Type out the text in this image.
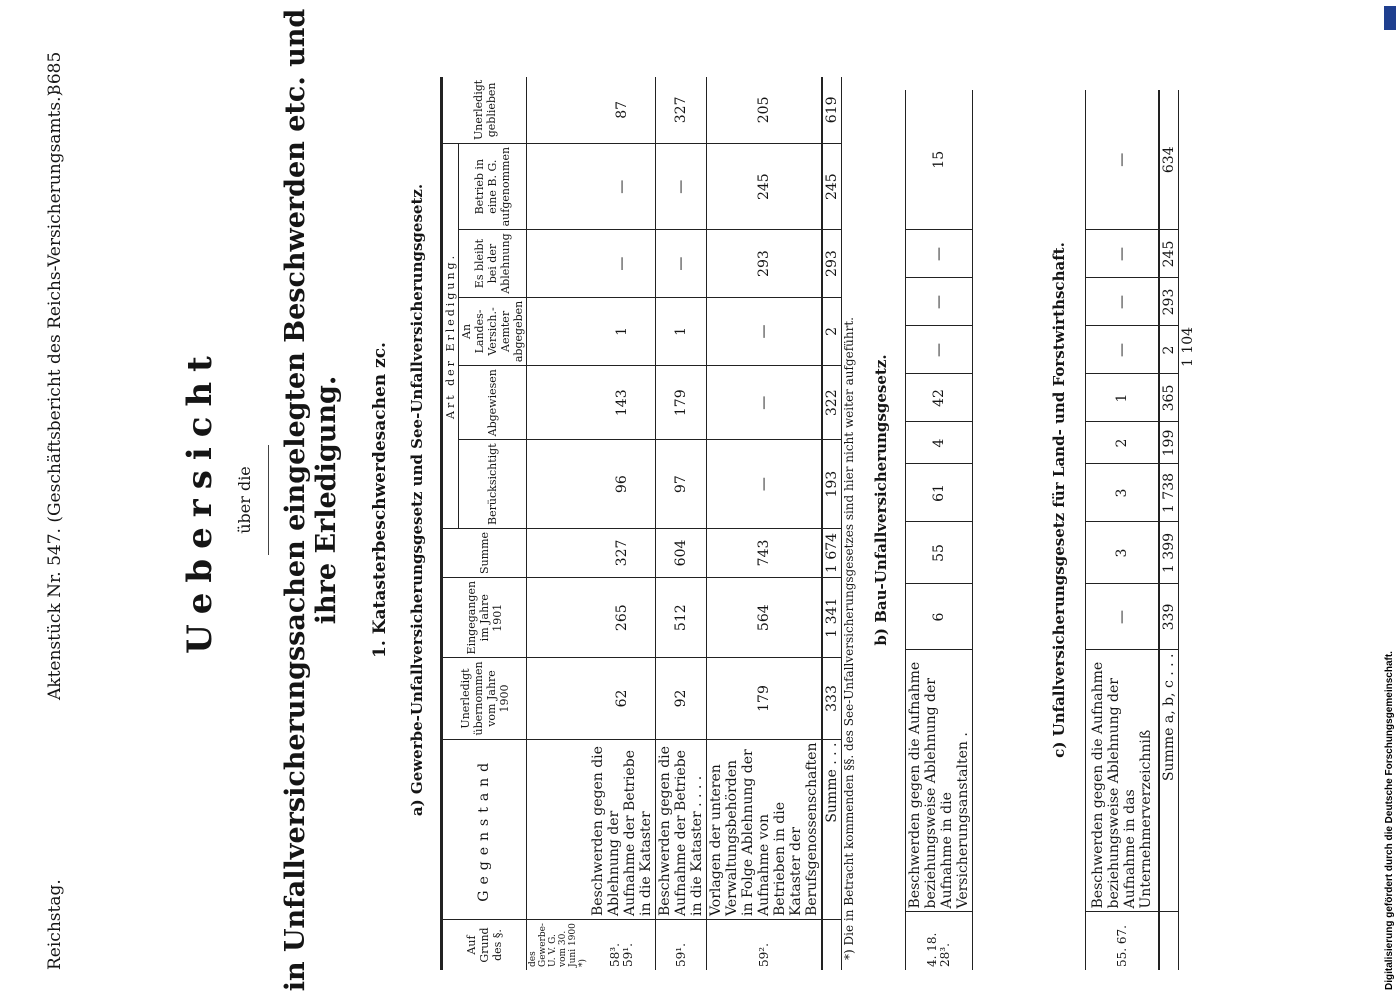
Reichstag.
Aktenstück Nr. 547. (Geschäftsbericht des Reichs-Versicherungsamts.)
3685
Uebersicht über die in Unfallversicherungssachen eingelegten Beschwerden etc. und ihre Erledigung. 1. Katasterbeschwerdesachen zc. a) Gewerbe-Unfallversicherungsgesetz und See-Unfallversicherungsgesetz.
Auf Grund des §.	Gegenstand	Unerledigt übernommen vom Jahre 1900	Eingegangen im Jahre 1901	Summe	Art der Erledigung.					Unerledigt geblieben
					Berücksichtigt	Abgewiesen	An Landes-Versich.-Aemter abgegeben	Es bleibt bei der Ablehnung	Betrieb in eine B. G. aufgenommen	
des Gewerbe-U. V. G. vom 30. Juni 1900 *)										
58³. 59¹.	Beschwerden gegen die Ablehnung der Aufnahme der Betriebe in die Kataster	62	265	327	96	143	1	—	—	87
59¹.	Beschwerden gegen die Aufnahme der Betriebe in die Kataster . . . .	92	512	604	97	179	1	—	—	327
59².	Vorlagen der unteren Verwaltungsbehörden in Folge Ablehnung der Aufnahme von Betrieben in die Kataster der Berufsgenossenschaften	179	564	743	—	—	—	293	245	205
	Summe . . .	333	1 341	1 674	193	322	2	293	245	619
*) Die in Betracht kommenden §§. des See-Unfallversicherungsgesetzes sind hier nicht weiter aufgeführt. b) Bau-Unfallversicherungsgesetz.
4. 18. 28³.	Beschwerden gegen die Aufnahme beziehungsweise Ablehnung der Aufnahme in die Versicherungsanstalten .	6	55	61	4	42	—	—	—	15
c) Unfallversicherungsgesetz für Land- und Forstwirthschaft.
55. 67.	Beschwerden gegen die Aufnahme beziehungsweise Ablehnung der Aufnahme in das Unternehmerverzeichniß	—	3	3	2	1	—	—	—	—
	Summe a, b, c . . .	339	1 399	1 738	199	365	2	293	245	634
					1 104					
Digitalisierung gefördert durch die Deutsche Forschungsgemeinschaft.
